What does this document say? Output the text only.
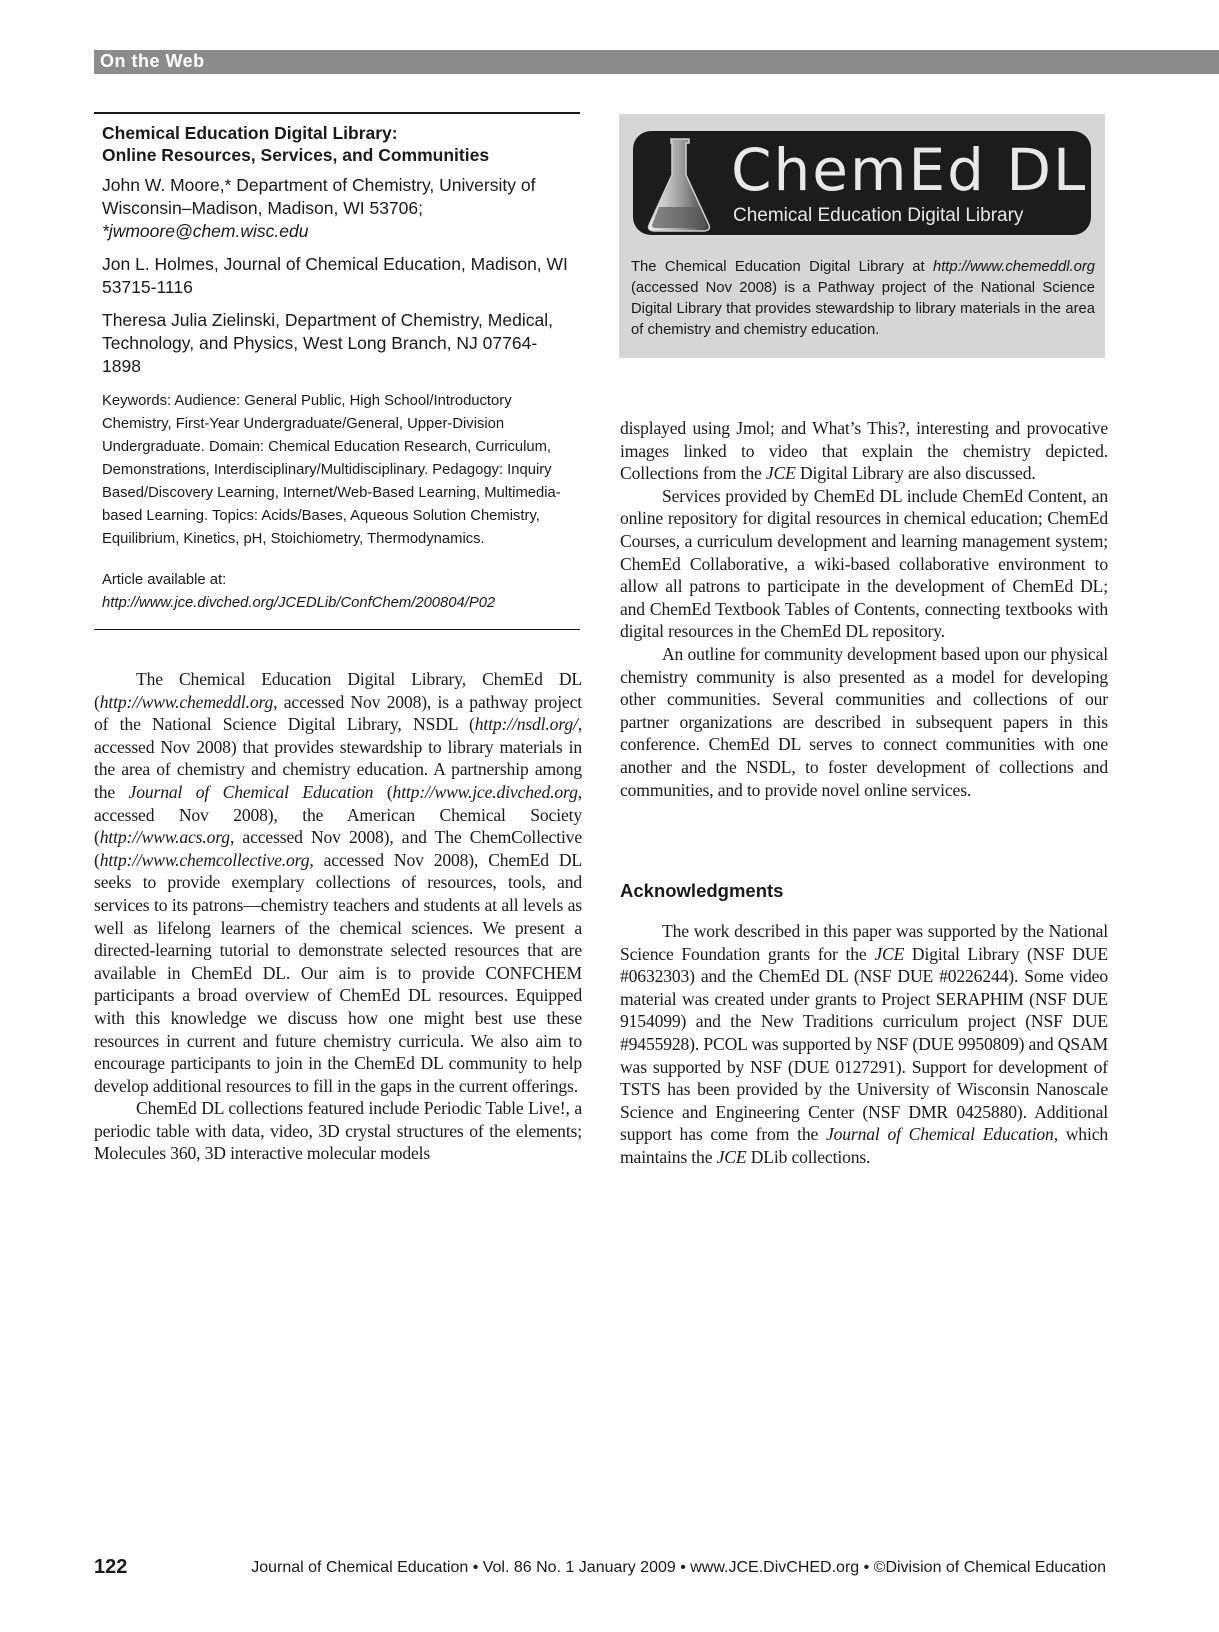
On the Web

Chemical Education Digital Library:

Online Resources, Services, and Communities

John W. Moore,* Department of Chemistry, University of Wisconsin–Madison, Madison, WI 53706;
*jwmoore@chem.wisc.edu

Jon L. Holmes, Journal of Chemical Education, Madison, WI 53715-1116

Theresa Julia Zielinski, Department of Chemistry, Medical, Technology, and Physics, West Long Branch, NJ 07764-1898

Keywords: Audience: General Public, High School/Introductory Chemistry, First-Year Undergraduate/General, Upper-Division Undergraduate. Domain: Chemical Education Research, Curriculum, Demonstrations, Interdisciplinary/Multidisciplinary. Pedagogy: Inquiry Based/Discovery Learning, Internet/Web-Based Learning, Multimedia-based Learning. Topics: Acids/Bases, Aqueous Solution Chemistry, Equilibrium, Kinetics, pH, Stoichiometry, Thermodynamics.

Article available at: http://www.jce.divched.org/JCEDLib/ConfChem/200804/P02

The Chemical Education Digital Library, ChemEd DL (http://www.chemeddl.org, accessed Nov 2008), is a pathway project of the National Science Digital Library, NSDL (http://nsdl.org/, accessed Nov 2008) that provides stewardship to library materials in the area of chemistry and chemistry education. A partnership among the Journal of Chemical Education (http://www.jce.divched.org, accessed Nov 2008), the American Chemical Society (http://www.acs.org, accessed Nov 2008), and The ChemCollective (http://www.chemcollective.org, accessed Nov 2008), ChemEd DL seeks to provide exemplary collections of resources, tools, and services to its patrons—chemistry teachers and students at all levels as well as lifelong learners of the chemical sciences. We present a directed-learning tutorial to demonstrate selected resources that are available in ChemEd DL. Our aim is to provide CONFCHEM participants a broad overview of ChemEd DL resources. Equipped with this knowledge we discuss how one might best use these resources in current and future chemistry curricula. We also aim to encourage participants to join in the ChemEd DL community to help develop additional resources to fill in the gaps in the current offerings.

ChemEd DL collections featured include Periodic Table Live!, a periodic table with data, video, 3D crystal structures of the elements; Molecules 360, 3D interactive molecular models

ChemEd DL
Chemical Education Digital Library

The Chemical Education Digital Library at http://www.chemeddl.org (accessed Nov 2008) is a Pathway project of the National Science Digital Library that provides stewardship to library materials in the area of chemistry and chemistry education.

displayed using Jmol; and What’s This?, interesting and provocative images linked to video that explain the chemistry depicted. Collections from the JCE Digital Library are also discussed.

Services provided by ChemEd DL include ChemEd Content, an online repository for digital resources in chemical education; ChemEd Courses, a curriculum development and learning management system; ChemEd Collaborative, a wiki-based collaborative environment to allow all patrons to participate in the development of ChemEd DL; and ChemEd Textbook Tables of Contents, connecting textbooks with digital resources in the ChemEd DL repository.

An outline for community development based upon our physical chemistry community is also presented as a model for developing other communities. Several communities and collections of our partner organizations are described in subsequent papers in this conference. ChemEd DL serves to connect communities with one another and the NSDL, to foster development of collections and communities, and to provide novel online services.

Acknowledgments

The work described in this paper was supported by the National Science Foundation grants for the JCE Digital Library (NSF DUE #0632303) and the ChemEd DL (NSF DUE #0226244). Some video material was created under grants to Project SERAPHIM (NSF DUE 9154099) and the New Traditions curriculum project (NSF DUE #9455928). PCOL was supported by NSF (DUE 9950809) and QSAM was supported by NSF (DUE 0127291). Support for development of TSTS has been provided by the University of Wisconsin Nanoscale Science and Engineering Center (NSF DMR 0425880). Additional support has come from the Journal of Chemical Education, which maintains the JCE DLib collections.

122	Journal of Chemical Education • Vol. 86 No. 1 January 2009 • www.JCE.DivCHED.org • ©Division of Chemical Education
